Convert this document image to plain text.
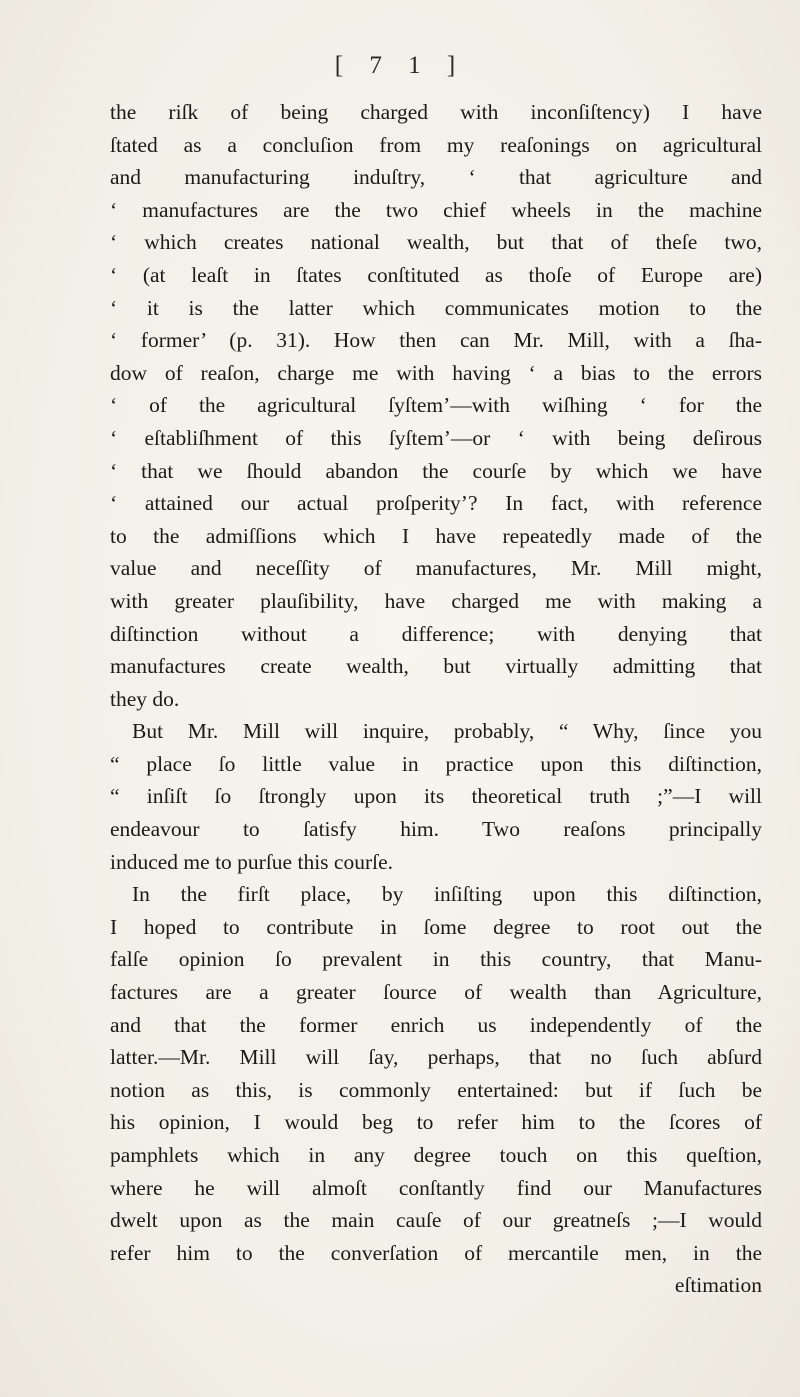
[ 7 1 ]
the riſk of being charged with inconſiſtency) I have
ſtated as a concluſion from my reaſonings on agricultural
and manufacturing induſtry, ‘ that agriculture and
‘ manufactures are the two chief wheels in the machine
‘ which creates national wealth, but that of theſe two,
‘ (at leaſt in ſtates conſtituted as thoſe of Europe are)
‘ it is the latter which communicates motion to the
‘ former’ (p. 31). How then can Mr. Mill, with a ſha-
dow of reaſon, charge me with having ‘ a bias to the errors
‘ of the agricultural ſyſtem’—with wiſhing ‘ for the
‘ eſtabliſhment of this ſyſtem’—or ‘ with being deſirous
‘ that we ſhould abandon the courſe by which we have
‘ attained our actual proſperity’? In fact, with reference
to the admiſſions which I have repeatedly made of the
value and neceſſity of manufactures, Mr. Mill might,
with greater plauſibility, have charged me with making a
diſtinction without a difference; with denying that
manufactures create wealth, but virtually admitting that
they do.
But Mr. Mill will inquire, probably, “ Why, ſince you
“ place ſo little value in practice upon this diſtinction,
“ inſiſt ſo ſtrongly upon its theoretical truth ;”—I will
endeavour to ſatisfy him. Two reaſons principally
induced me to purſue this courſe.
In the firſt place, by inſiſting upon this diſtinction,
I hoped to contribute in ſome degree to root out the
falſe opinion ſo prevalent in this country, that Manu-
factures are a greater ſource of wealth than Agriculture,
and that the former enrich us independently of the
latter.—Mr. Mill will ſay, perhaps, that no ſuch abſurd
notion as this, is commonly entertained: but if ſuch be
his opinion, I would beg to refer him to the ſcores of
pamphlets which in any degree touch on this queſtion,
where he will almoſt conſtantly find our Manufactures
dwelt upon as the main cauſe of our greatneſs ;—I would
refer him to the converſation of mercantile men, in the
eſtimation
